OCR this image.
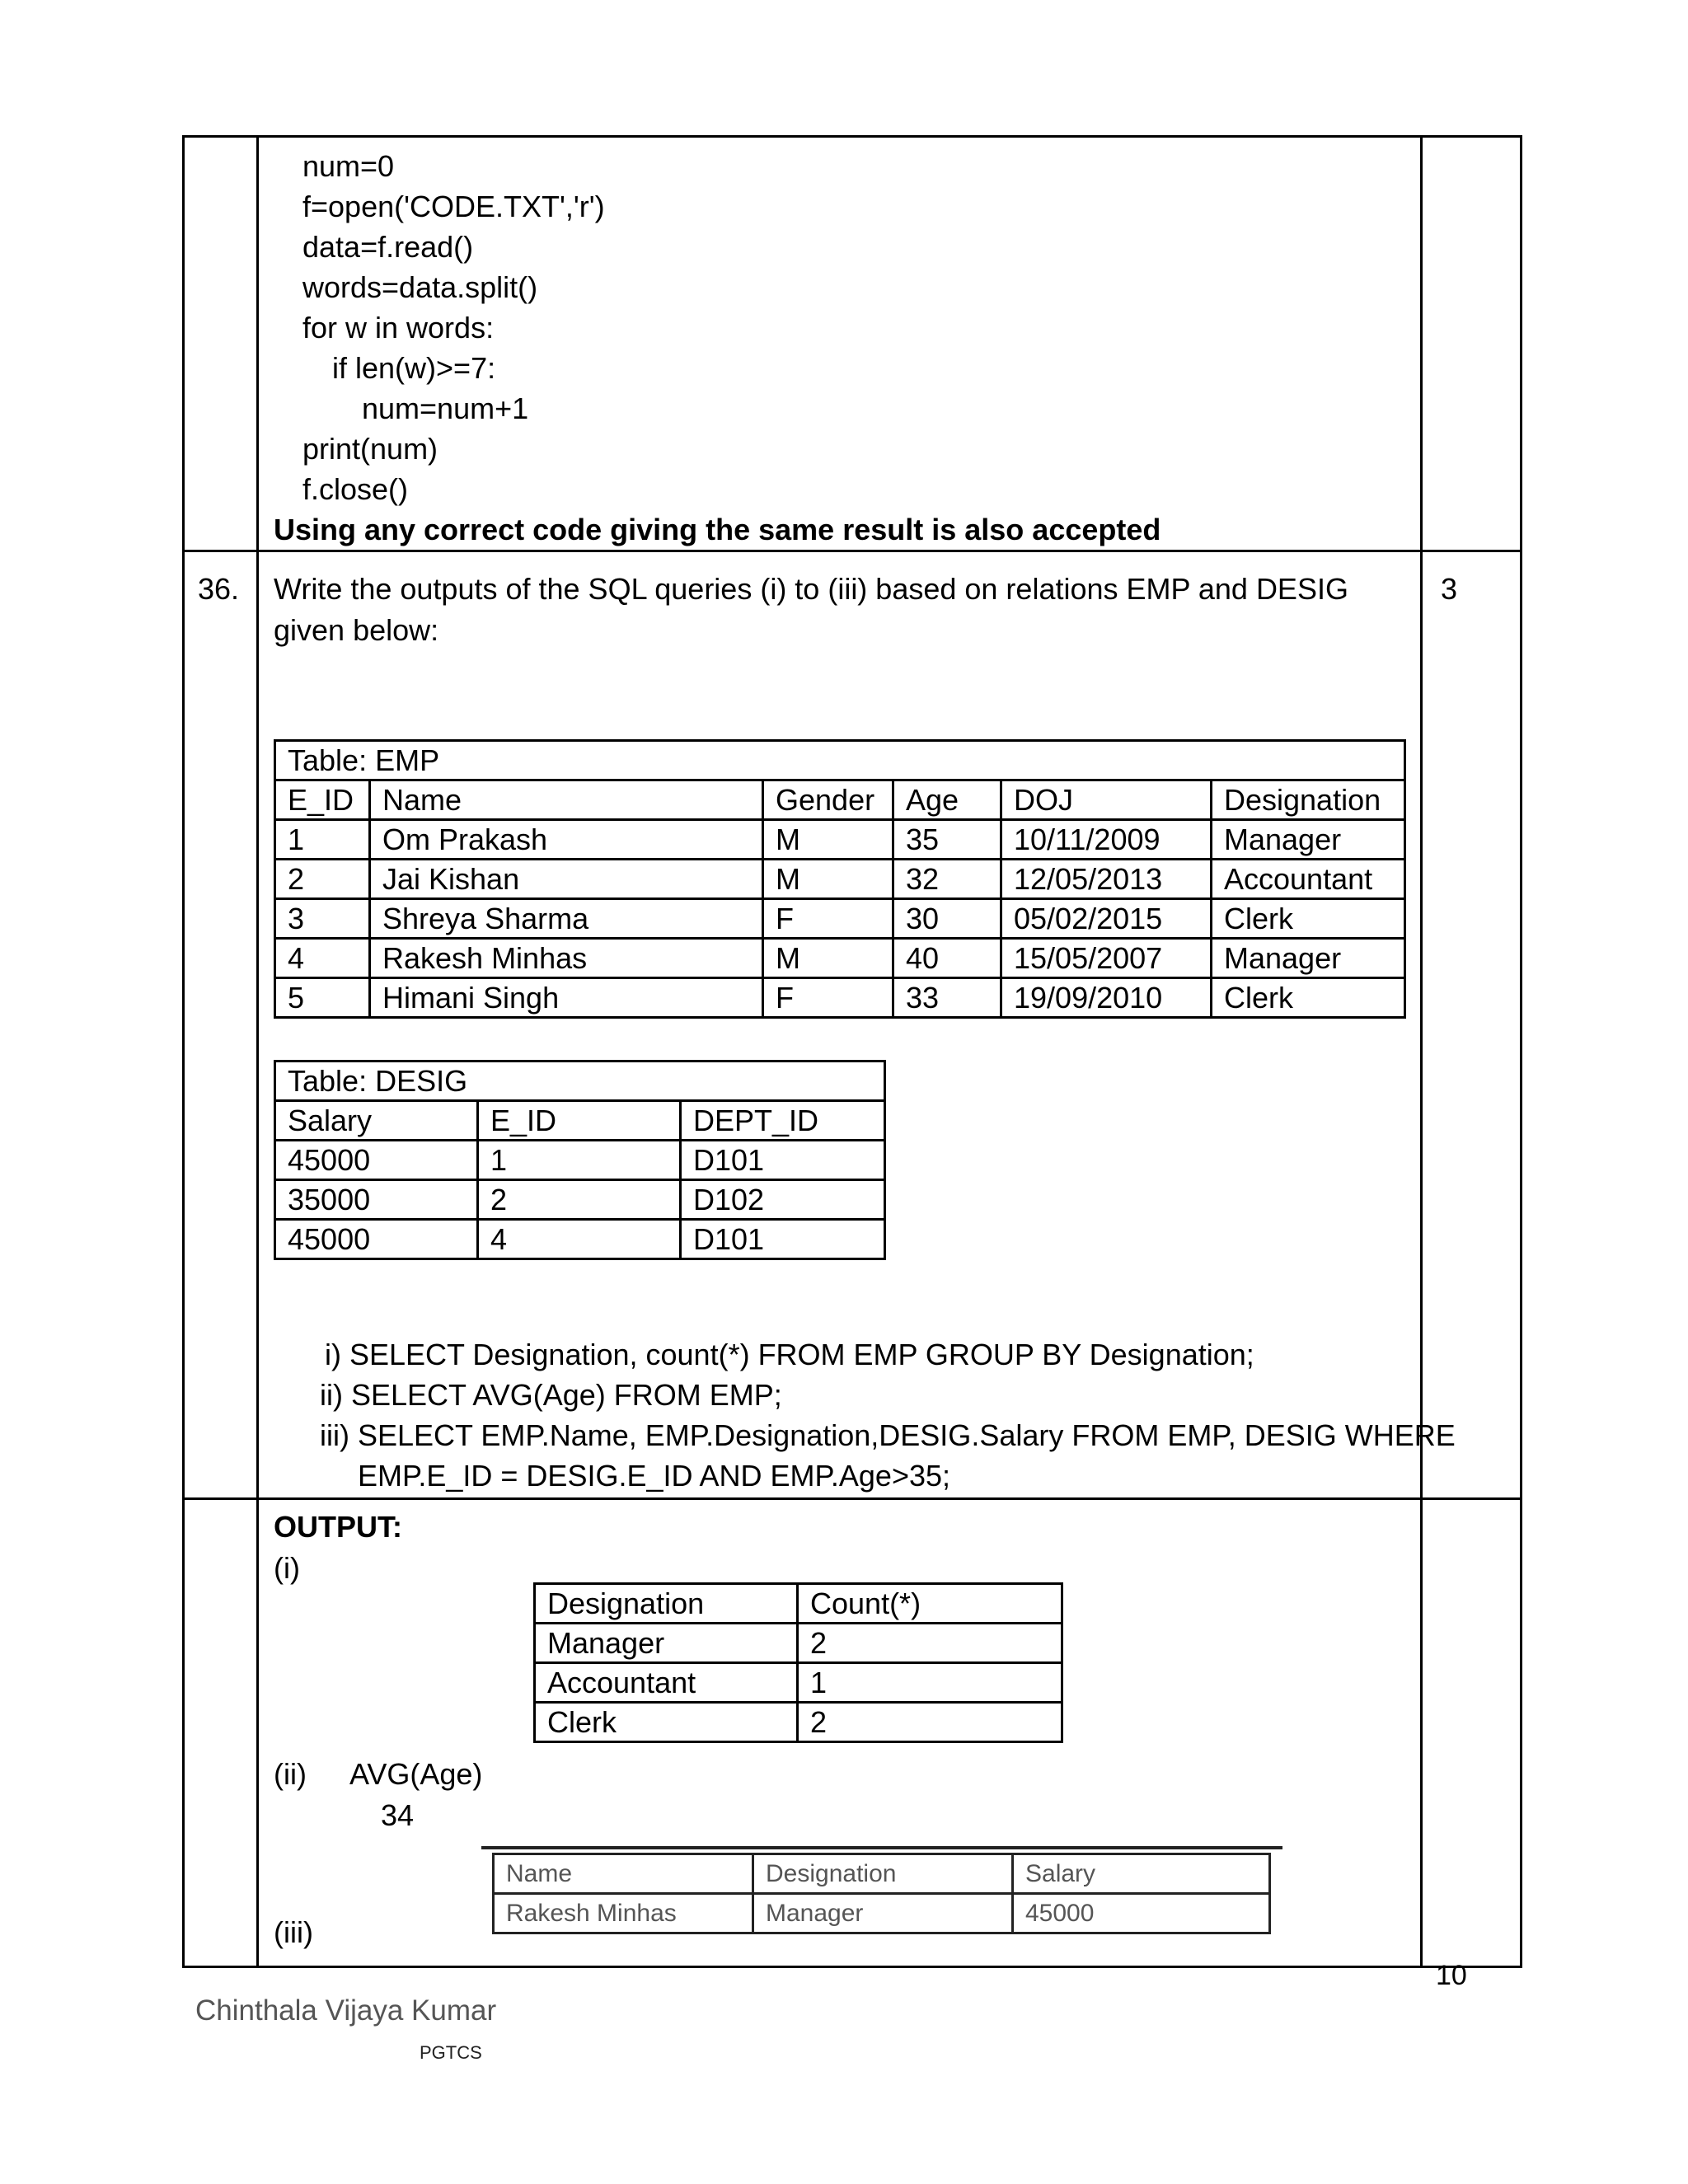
num=0
f=open('CODE.TXT','r')
data=f.read()
words=data.split()
for w in words:
if len(w)>=7:
num=num+1
print(num)
f.close()
Using any correct code giving the same result is also accepted

36.	Write the outputs of the SQL queries (i) to (iii) based on relations EMP and DESIG given below:
Table: EMP
E_ID	Name	Gender	Age	DOJ	Designation
1	Om Prakash	M	35	10/11/2009	Manager
2	Jai Kishan	M	32	12/05/2013	Accountant
3	Shreya Sharma	F	30	05/02/2015	Clerk
4	Rakesh Minhas	M	40	15/05/2007	Manager
5	Himani Singh	F	33	19/09/2010	Clerk
Table: DESIG
Salary	E_ID	DEPT_ID
45000	1	D101
35000	2	D102
45000	4	D101
i) SELECT Designation, count(*) FROM EMP GROUP BY Designation;
ii) SELECT AVG(Age) FROM EMP;
iii) SELECT EMP.Name, EMP.Designation,DESIG.Salary FROM EMP, DESIG WHERE
EMP.E_ID = DESIG.E_ID AND EMP.Age>35;

3

OUTPUT:
(i)
Designation	Count(*)
Manager	2
Accountant	1
Clerk	2
(ii) AVG(Age)
34
Name	Designation	Salary
Rakesh Minhas	Manager	45000
(iii)

10
Chinthala Vijaya Kumar
PGTCS
